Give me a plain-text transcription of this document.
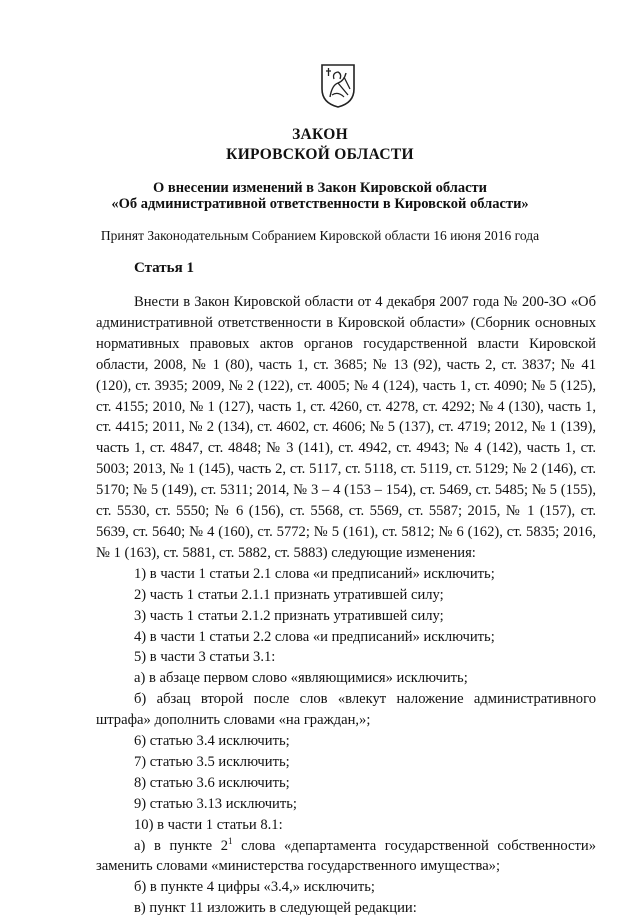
ЗАКОН
КИРОВСКОЙ ОБЛАСТИ
О внесении изменений в Закон Кировской области
«Об административной ответственности в Кировской области»
Принят Законодательным Собранием Кировской области 16 июня 2016 года
Статья 1

Внести в Закон Кировской области от 4 декабря 2007 года № 200-ЗО «Об административной ответственности в Кировской области» (Сборник основных нормативных правовых актов органов государственной власти Кировской области, 2008, № 1 (80), часть 1, ст. 3685; № 13 (92), часть 2, ст. 3837; № 41 (120), ст. 3935; 2009, № 2 (122), ст. 4005; № 4 (124), часть 1, ст. 4090; № 5 (125), ст. 4155; 2010, № 1 (127), часть 1, ст. 4260, ст. 4278, ст. 4292; № 4 (130), часть 1, ст. 4415; 2011, № 2 (134), ст. 4602, ст. 4606; № 5 (137), ст. 4719; 2012, № 1 (139), часть 1, ст. 4847, ст. 4848; № 3 (141), ст. 4942, ст. 4943; № 4 (142), часть 1, ст. 5003; 2013, № 1 (145), часть 2, ст. 5117, ст. 5118, ст. 5119, ст. 5129; № 2 (146), ст. 5170; № 5 (149), ст. 5311; 2014, № 3 – 4 (153 – 154), ст. 5469, ст. 5485; № 5 (155), ст. 5530, ст. 5550; № 6 (156), ст. 5568, ст. 5569, ст. 5587; 2015, № 1 (157), ст. 5639, ст. 5640; № 4 (160), ст. 5772; № 5 (161), ст. 5812; № 6 (162), ст. 5835; 2016, № 1 (163), ст. 5881, ст. 5882, ст. 5883) следующие изменения:

1) в части 1 статьи 2.1 слова «и предписаний» исключить;

2) часть 1 статьи 2.1.1 признать утратившей силу;

3) часть 1 статьи 2.1.2 признать утратившей силу;

4) в части 1 статьи 2.2 слова «и предписаний» исключить;

5) в части 3 статьи 3.1:

а) в абзаце первом слово «являющимися» исключить;

б) абзац второй после слов «влекут наложение административного штрафа» дополнить словами «на граждан,»;

6) статью 3.4 исключить;

7) статью 3.5 исключить;

8) статью 3.6 исключить;

9) статью 3.13 исключить;

10) в части 1 статьи 8.1:

а) в пункте $2^1$ слова «департамента государственной собственности» заменить словами «министерства государственного имущества»;

б) в пункте 4 цифры «3.4,» исключить;

в) пункт 11 изложить в следующей редакции:
